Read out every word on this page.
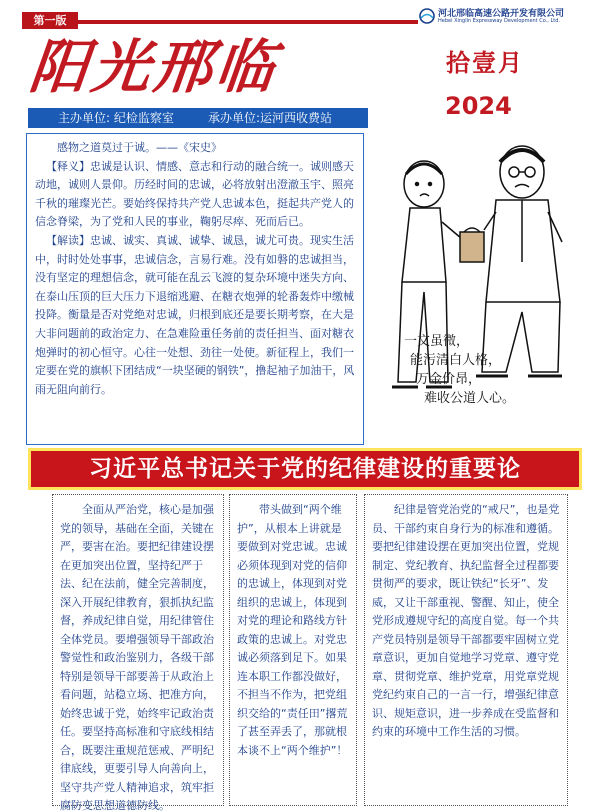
第一版	河北邢临高速公路开发有限公司
Hebei Xinglin Expressway Development Co., Ltd.
阳光邢临	拾壹月
2024
主办单位: 纪检监察室	承办单位:运河西收费站

感物之道莫过于诚。——《宋史》

【释义】忠诚是认识、情感、意志和行动的融合统一。诚则感天动地，诚则人景仰。历经时间的忠诚，必将放射出澄澈玉宇、照亮千秋的璀璨光芒。要始终保持共产党人忠诚本色，挺起共产党人的信念脊梁，为了党和人民的事业，鞠躬尽瘁、死而后已。

【解读】忠诚、诚实、真诚、诚挚、诚恳，诚尤可贵。现实生活中，时时处处事事，忠诚信念，言易行难。没有如磐的忠诚担当，没有坚定的理想信念，就可能在乱云飞渡的复杂环境中迷失方向、在泰山压顶的巨大压力下退缩逃避、在糖衣炮弹的轮番轰炸中缴械投降。衡量是否对党绝对忠诚，归根到底还是要长期考察，在大是大非问题前的政治定力、在急难险重任务前的责任担当、面对糖衣炮弹时的初心恒守。心往一处想、劲往一处使。新征程上，我们一定要在党的旗帜下团结成“一块坚硬的钢铁”，撸起袖子加油干，风雨无阻向前行。

一文虽微，
能污清白人格，
万金价昂，
难收公道人心。
习近平总书记关于党的纪律建设的重要论

全面从严治党，核心是加强党的领导，基础在全面，关键在严，要害在治。要把纪律建设摆在更加突出位置，坚持纪严于法、纪在法前，健全完善制度，深入开展纪律教育，狠抓执纪监督，养成纪律自觉，用纪律管住全体党员。要增强领导干部政治警觉性和政治鉴别力，各级干部特别是领导干部要善于从政治上看问题，站稳立场、把准方向，始终忠诚于党，始终牢记政治责任。要坚持高标准和守底线相结合，既要注重规范惩戒、严明纪律底线，更要引导人向善向上，坚守共产党人精神追求，筑牢拒腐防变思想道德防线。

带头做到“两个维护”，从根本上讲就是要做到对党忠诚。忠诚必须体现到对党的信仰的忠诚上，体现到对党组织的忠诚上，体现到对党的理论和路线方针政策的忠诚上。对党忠诚必须落到足下。如果连本职工作都没做好，不担当不作为，把党组织交给的“责任田”撂荒了甚至弄丢了，那就根本谈不上“两个维护”！

纪律是管党治党的“戒尺”，也是党员、干部约束自身行为的标准和遵循。要把纪律建设摆在更加突出位置，党规制定、党纪教育、执纪监督全过程都要贯彻严的要求，既让铁纪“长牙”、发威，又让干部重视、警醒、知止，使全党形成遵规守纪的高度自觉。每一个共产党员特别是领导干部都要牢固树立党章意识，更加自觉地学习党章、遵守党章、贯彻党章、维护党章，用党章党规党纪约束自己的一言一行，增强纪律意识、规矩意识，进一步养成在受监督和约束的环境中工作生活的习惯。
